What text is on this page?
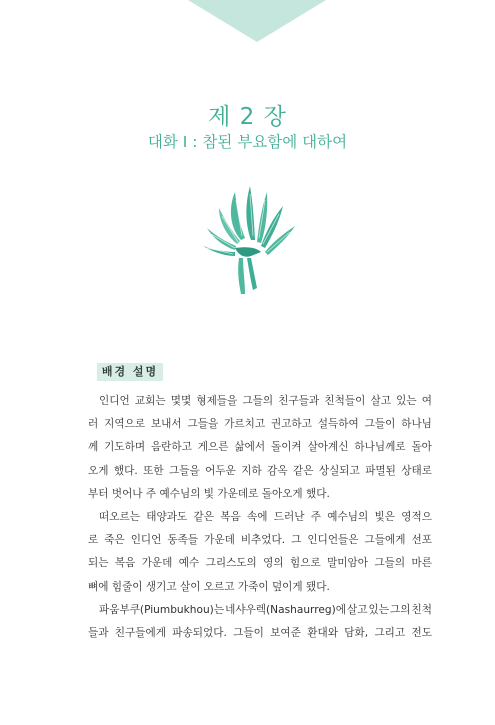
제 2 장
대화 I : 참된 부요함에 대하여
배경 설명
인디언 교회는 몇몇 형제들을 그들의 친구들과 친척들이 살고 있는 여
러 지역으로 보내서 그들을 가르치고 권고하고 설득하여 그들이 하나님
께 기도하며 음란하고 게으른 삶에서 돌이켜 살아계신 하나님께로 돌아
오게 했다. 또한 그들을 어두운 지하 감옥 같은 상실되고 파멸된 상태로
부터 벗어나 주 예수님의 빛 가운데로 돌아오게 했다.
떠오르는 태양과도 같은 복음 속에 드러난 주 예수님의 빛은 영적으
로 죽은 인디언 동족들 가운데 비추었다. 그 인디언들은 그들에게 선포
되는 복음 가운데 예수 그리스도의 영의 힘으로 말미암아 그들의 마른
뼈에 힘줄이 생기고 살이 오르고 가죽이 덮이게 됐다.
파움부쿠(Piumbukhou)는 네샤우렉(Nashaurreg)에 살고 있는 그의 친척
들과 친구들에게 파송되었다. 그들이 보여준 환대와 담화, 그리고 전도
